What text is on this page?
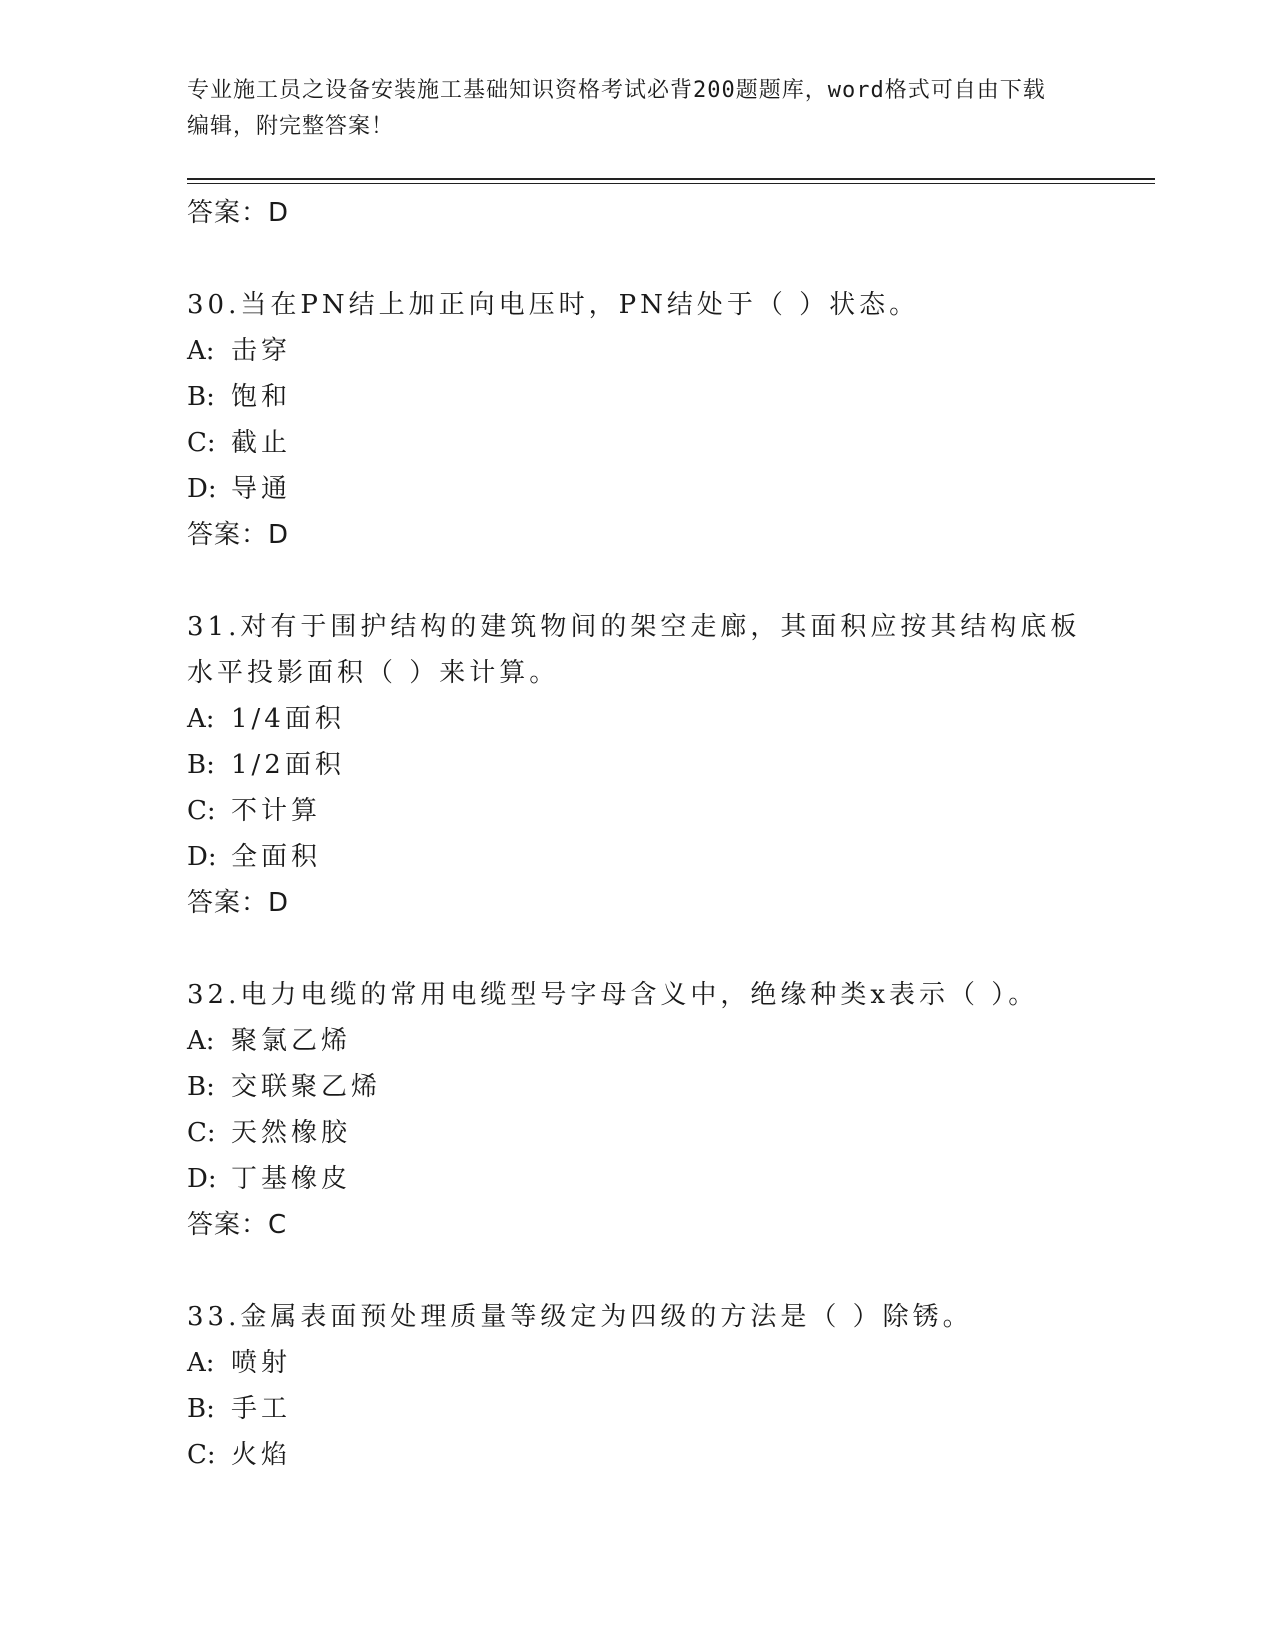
专业施工员之设备安装施工基础知识资格考试必背200题题库，word格式可自由下载编辑，附完整答案！
答案：D
30.当在PN结上加正向电压时，PN结处于（ ）状态。
A: 击穿
B: 饱和
C: 截止
D: 导通
答案：D
31.对有于围护结构的建筑物间的架空走廊，其面积应按其结构底板水平投影面积（ ）来计算。
A: 1/4面积
B: 1/2面积
C: 不计算
D: 全面积
答案：D
32.电力电缆的常用电缆型号字母含义中，绝缘种类x表示（ ）。
A: 聚氯乙烯
B: 交联聚乙烯
C: 天然橡胶
D: 丁基橡皮
答案：C
33.金属表面预处理质量等级定为四级的方法是（ ）除锈。
A: 喷射
B: 手工
C: 火焰
